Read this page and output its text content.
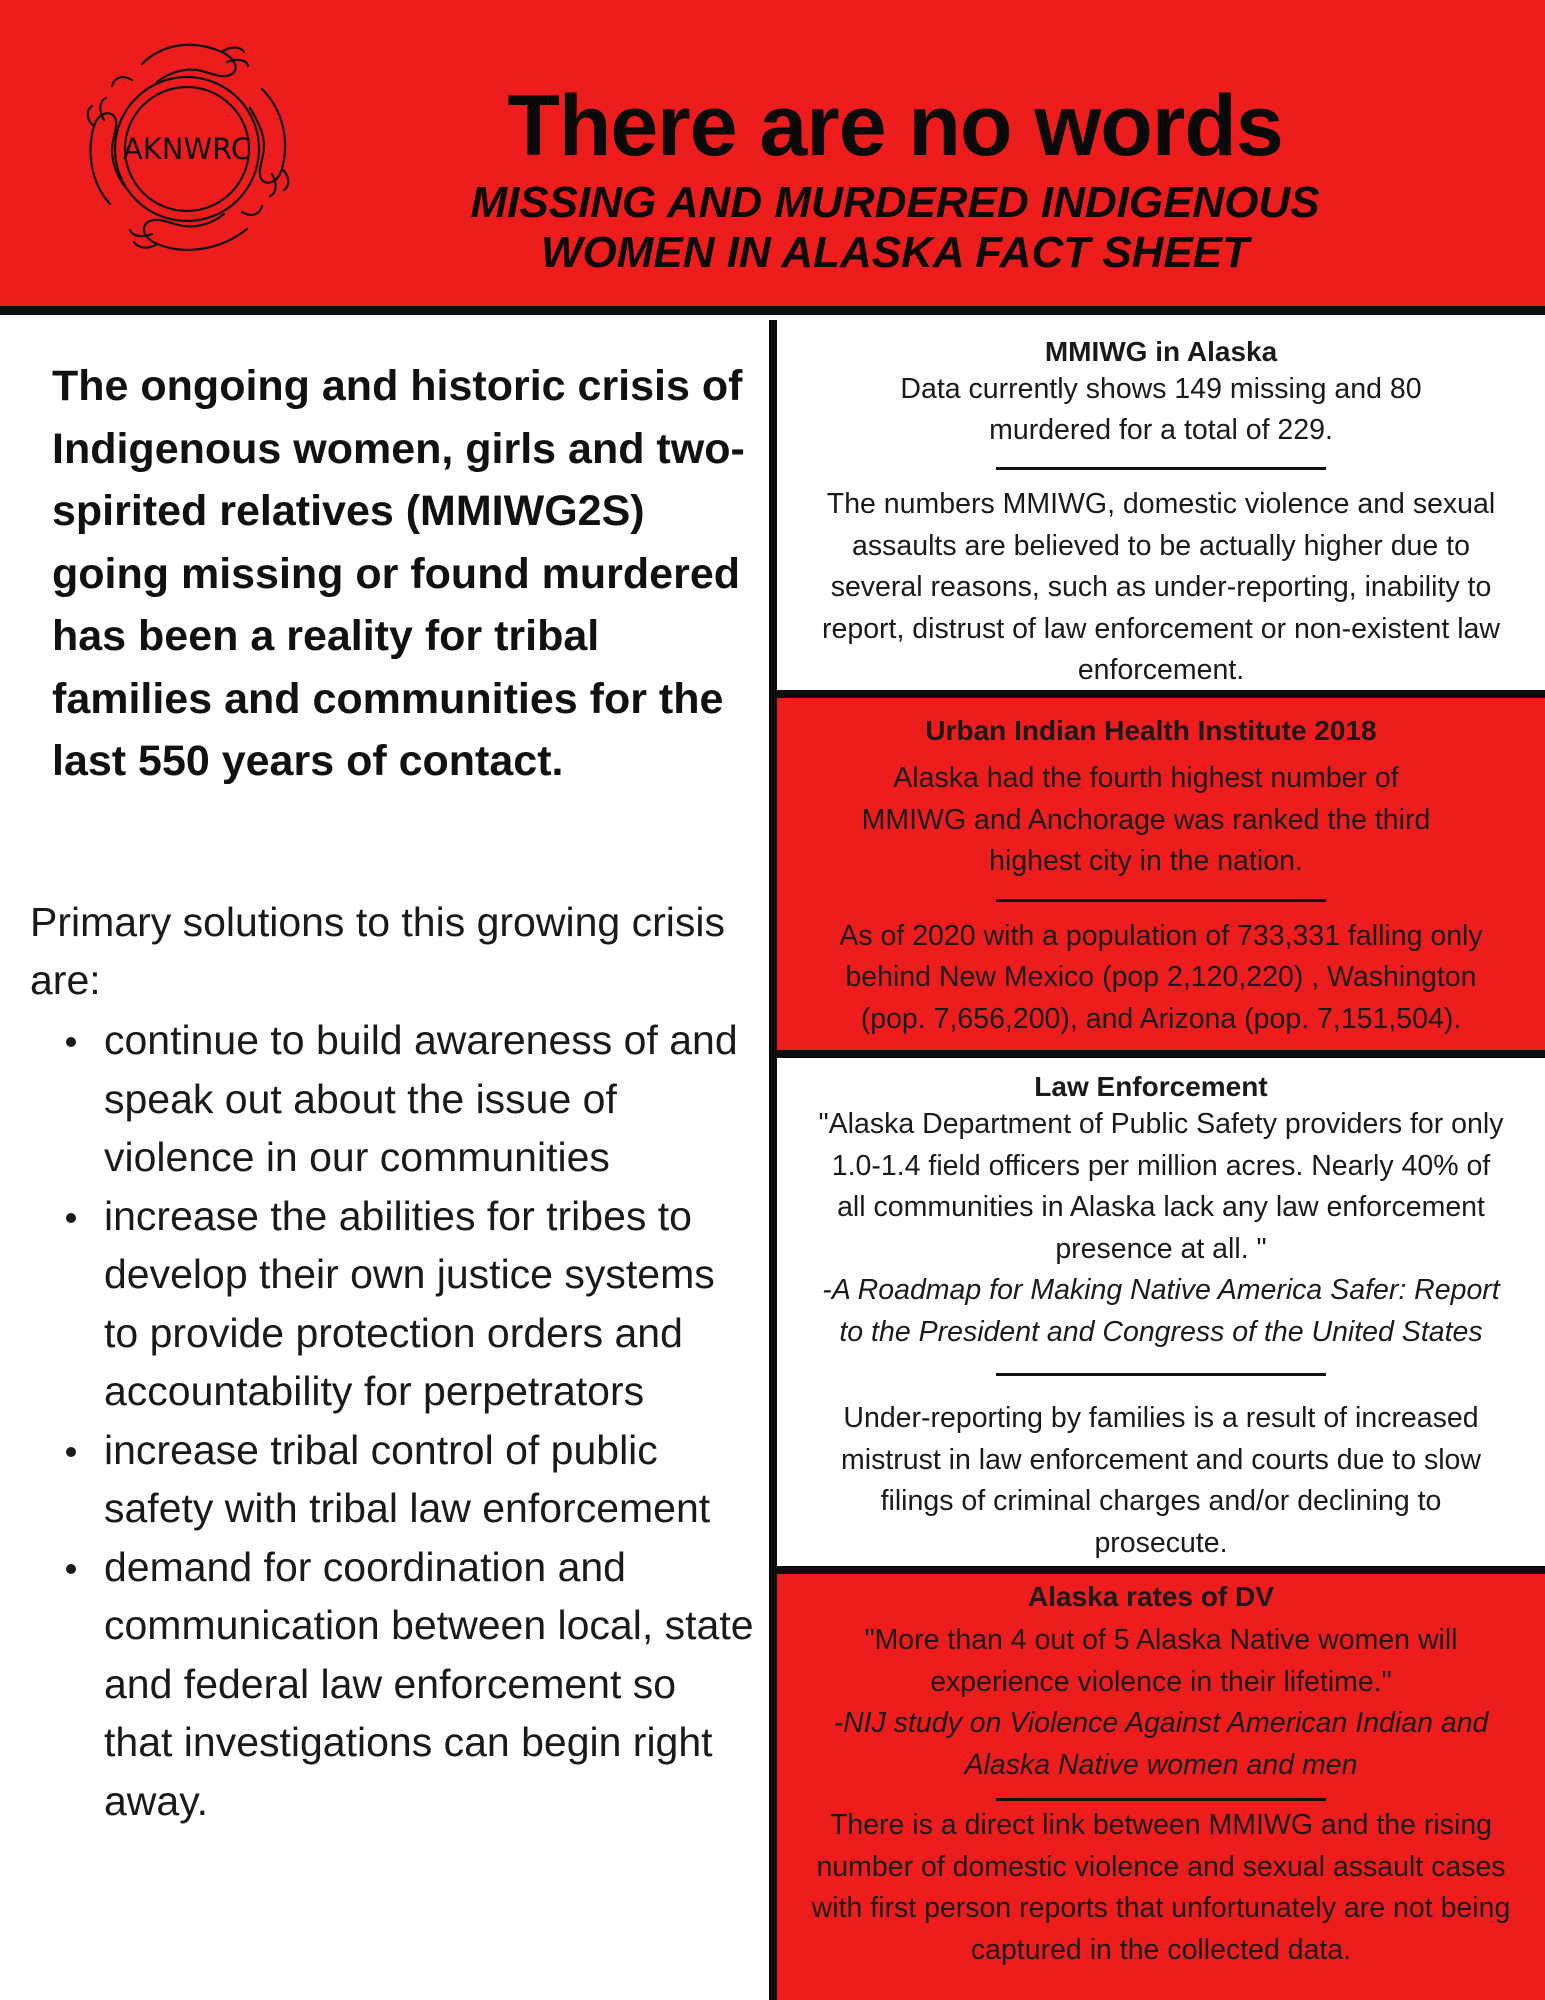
AKNWRC	There are no words
MISSING AND MURDERED INDIGENOUS
WOMEN IN ALASKA FACT SHEET
The ongoing and historic crisis of Indigenous women, girls and two-spirited relatives (MMIWG2S) going missing or found murdered has been a reality for tribal families and communities for the last 550 years of contact.
Primary solutions to this growing crisis are:
continue to build awareness of and speak out about the issue of violence in our communities
increase the abilities for tribes to develop their own justice systems to provide protection orders and accountability for perpetrators
increase tribal control of public safety with tribal law enforcement
demand for coordination and communication between local, state and federal law enforcement so that investigations can begin right away.
MMIWG in Alaska
Data currently shows 149 missing and 80 murdered for a total of 229.
The numbers MMIWG, domestic violence and sexual assaults are believed to be actually higher due to several reasons, such as under-reporting, inability to report, distrust of law enforcement or non-existent law enforcement.
Urban Indian Health Institute 2018
Alaska had the fourth highest number of MMIWG and Anchorage was ranked the third highest city in the nation.
As of 2020 with a population of 733,331 falling only behind New Mexico (pop 2,120,220) , Washington (pop. 7,656,200), and Arizona (pop. 7,151,504).
Law Enforcement
"Alaska Department of Public Safety providers for only 1.0-1.4 field officers per million acres. Nearly 40% of all communities in Alaska lack any law enforcement presence at all. "
-A Roadmap for Making Native America Safer: Report to the President and Congress of the United States
Under-reporting by families is a result of increased mistrust in law enforcement and courts due to slow filings of criminal charges and/or declining to prosecute.
Alaska rates of DV
"More than 4 out of 5 Alaska Native women will experience violence in their lifetime."
-NIJ study on Violence Against American Indian and Alaska Native women and men
There is a direct link between MMIWG and the rising number of domestic violence and sexual assault cases with first person reports that unfortunately are not being captured in the collected data.
